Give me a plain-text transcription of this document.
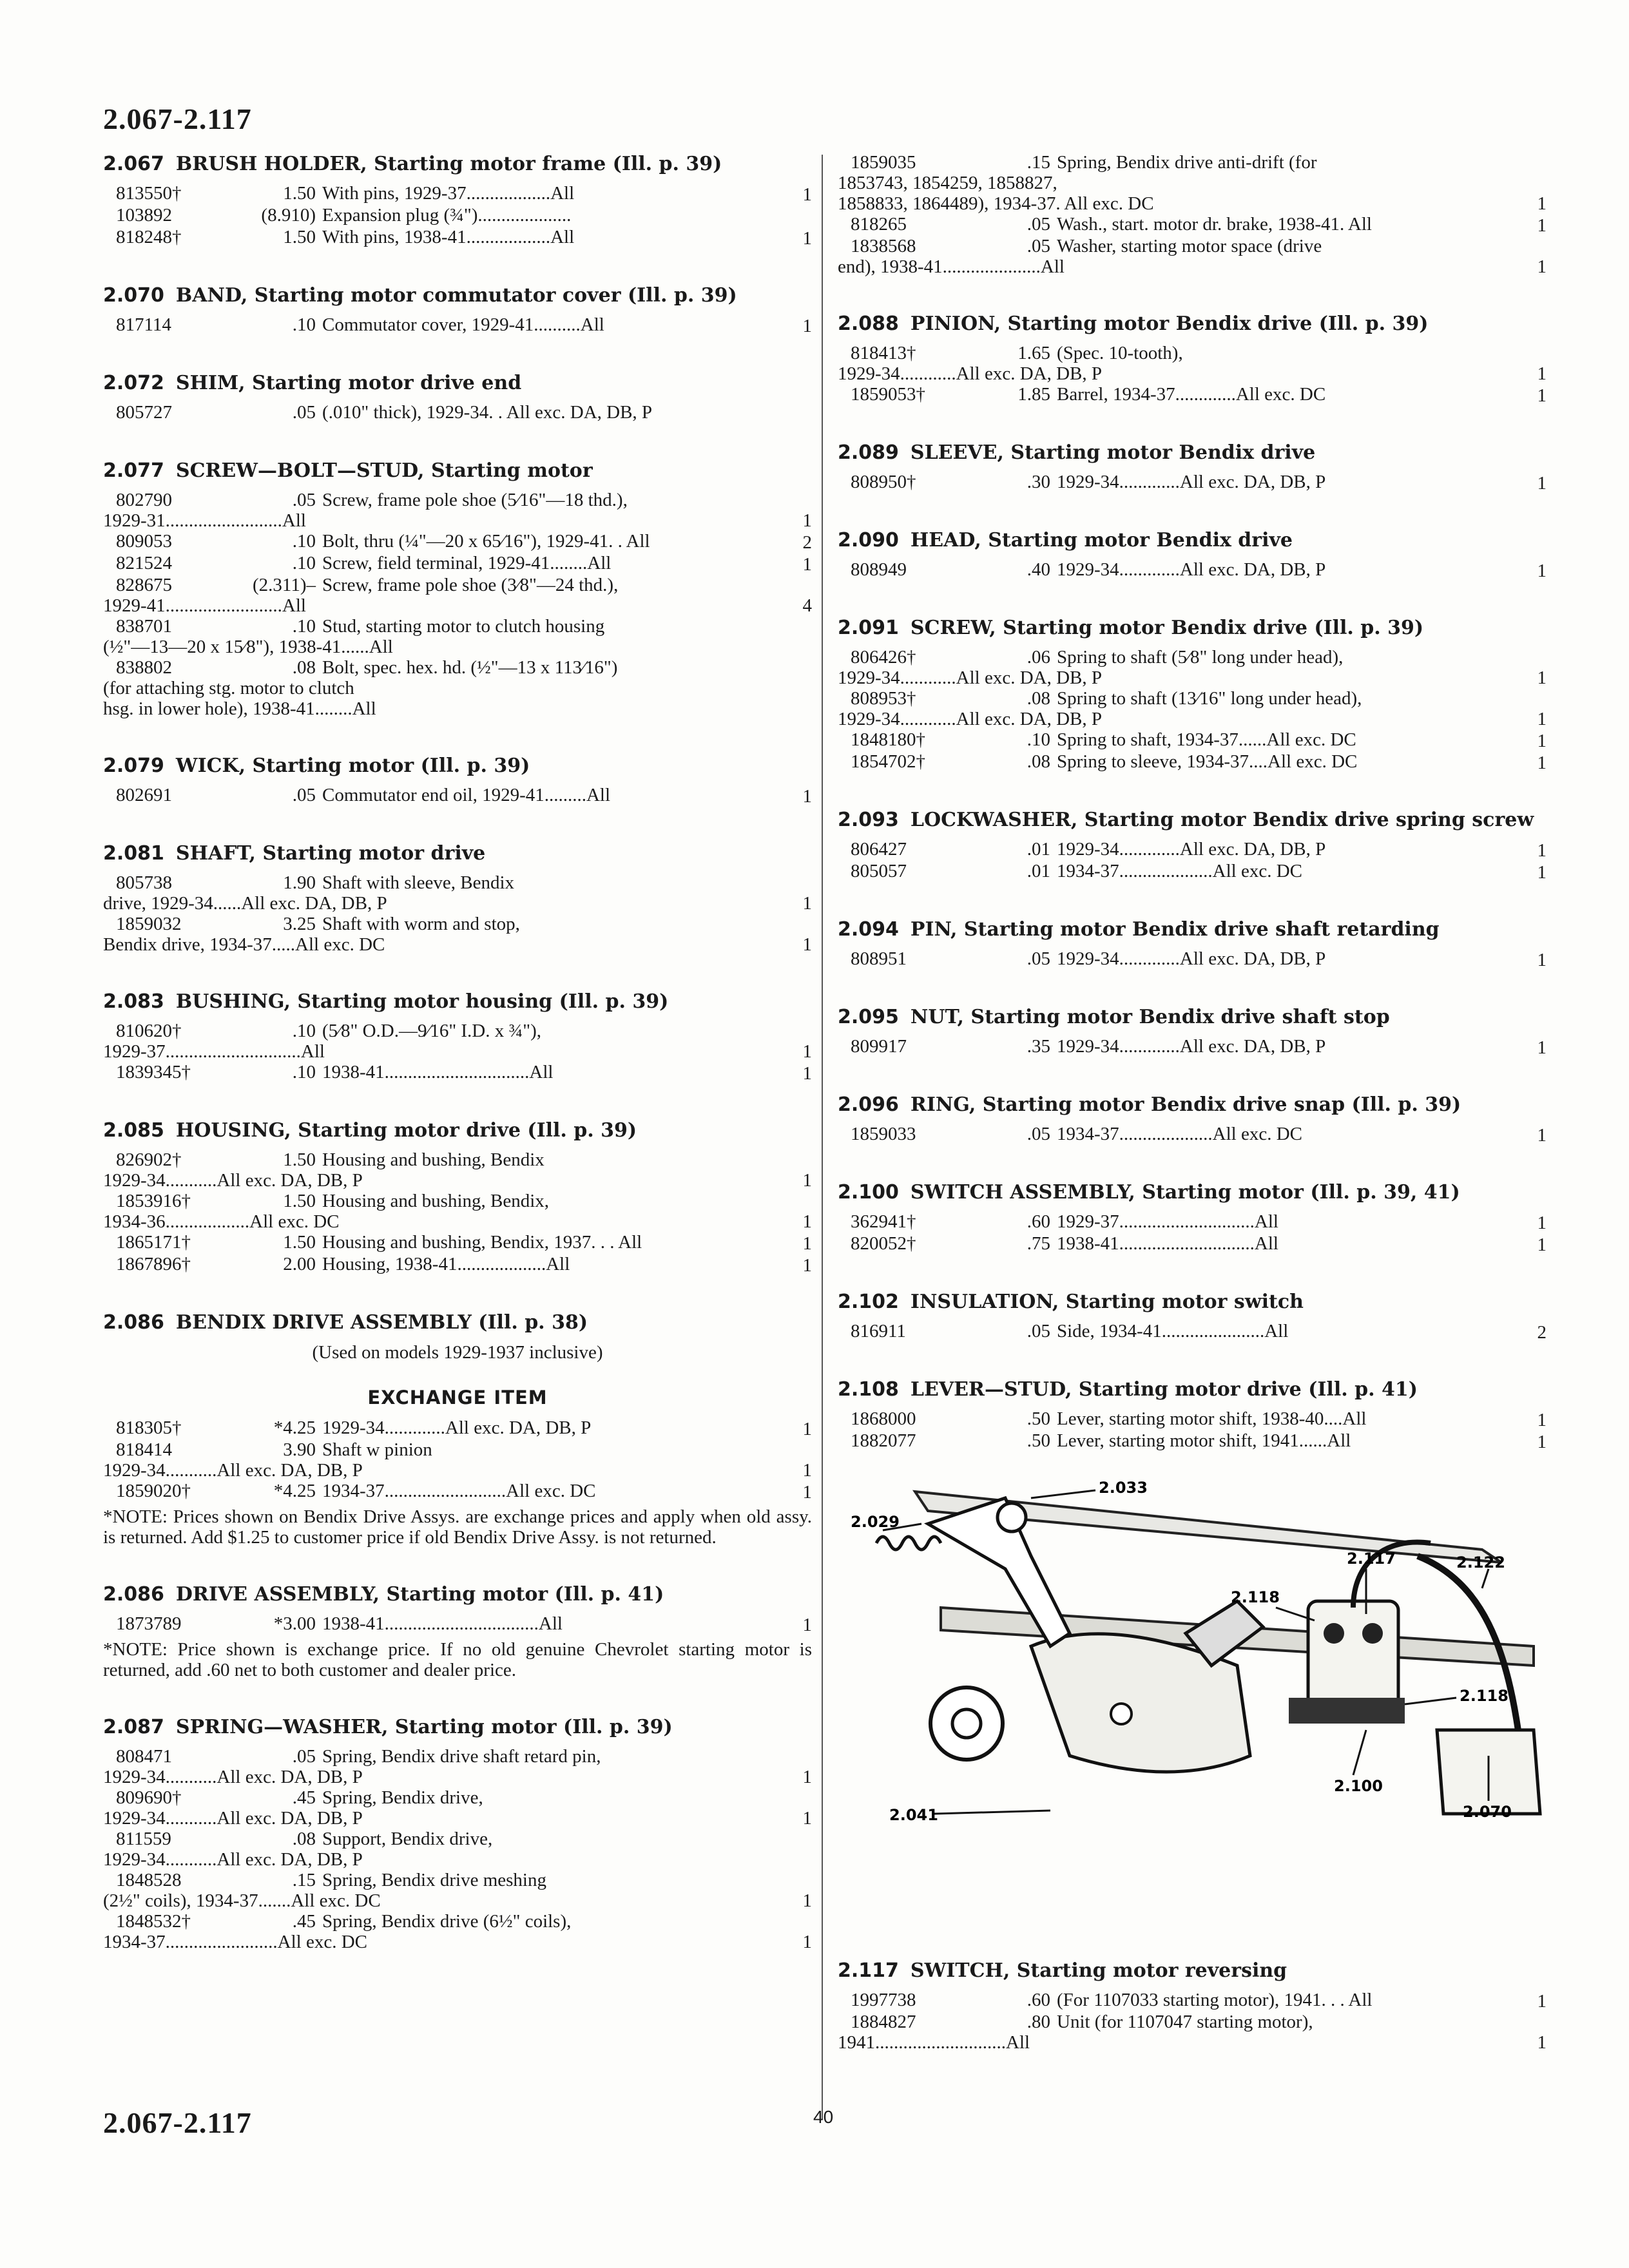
2.067-2.117
2.067 BRUSH HOLDER, Starting motor frame (Ill. p. 39)
813550†	1.50 With pins, 1929-37..................All	1
103892	(8.910) Expansion plug (¾")....................
818248†	1.50 With pins, 1938-41..................All	1
2.070 BAND, Starting motor commutator cover (Ill. p. 39)
817114	.10 Commutator cover, 1929-41..........All	1
2.072 SHIM, Starting motor drive end
805727	.05 (.010" thick), 1929-34. . All exc. DA, DB, P
2.077 SCREW—BOLT—STUD, Starting motor
802790	.05 Screw, frame pole shoe (5⁄16"—18 thd.),
1929-31.........................All	1
809053	.10 Bolt, thru (¼"—20 x 65⁄16"), 1929-41. . All	2
821524	.10 Screw, field terminal, 1929-41........All	1
828675	(2.311)– Screw, frame pole shoe (3⁄8"—24 thd.),
1929-41.........................All	4
838701	.10 Stud, starting motor to clutch housing
(½"—13—20 x 15⁄8"), 1938-41......All
838802	.08 Bolt, spec. hex. hd. (½"—13 x 113⁄16")
(for attaching stg. motor to clutch
hsg. in lower hole), 1938-41........All
2.079 WICK, Starting motor (Ill. p. 39)
802691	.05 Commutator end oil, 1929-41.........All	1
2.081 SHAFT, Starting motor drive
805738	1.90 Shaft with sleeve, Bendix
drive, 1929-34......All exc. DA, DB, P	1
1859032	3.25 Shaft with worm and stop,
Bendix drive, 1934-37.....All exc. DC	1
2.083 BUSHING, Starting motor housing (Ill. p. 39)
810620†	.10 (5⁄8" O.D.—9⁄16" I.D. x ¾"),
1929-37.............................All	1
1839345†	.10 1938-41...............................All	1
2.085 HOUSING, Starting motor drive (Ill. p. 39)
826902†	1.50 Housing and bushing, Bendix
1929-34...........All exc. DA, DB, P	1
1853916†	1.50 Housing and bushing, Bendix,
1934-36..................All exc. DC	1
1865171†	1.50 Housing and bushing, Bendix, 1937. . . All	1
1867896†	2.00 Housing, 1938-41...................All	1
2.086 BENDIX DRIVE ASSEMBLY (Ill. p. 38)
(Used on models 1929-1937 inclusive)
EXCHANGE ITEM
818305†	*4.25 1929-34.............All exc. DA, DB, P	1
818414	3.90 Shaft w pinion
1929-34...........All exc. DA, DB, P	1
1859020†	*4.25 1934-37..........................All exc. DC	1
*NOTE: Prices shown on Bendix Drive Assys. are exchange prices and apply when old assy. is returned. Add $1.25 to customer price if old Bendix Drive Assy. is not returned.
2.086 DRIVE ASSEMBLY, Starting motor (Ill. p. 41)
1873789	*3.00 1938-41.................................All	1
*NOTE: Price shown is exchange price. If no old genuine Chevrolet starting motor is returned, add .60 net to both customer and dealer price.
2.087 SPRING—WASHER, Starting motor (Ill. p. 39)
808471	.05 Spring, Bendix drive shaft retard pin,
1929-34...........All exc. DA, DB, P	1
809690†	.45 Spring, Bendix drive,
1929-34...........All exc. DA, DB, P	1
811559	.08 Support, Bendix drive,
1929-34...........All exc. DA, DB, P
1848528	.15 Spring, Bendix drive meshing
(2½" coils), 1934-37.......All exc. DC	1
1848532†	.45 Spring, Bendix drive (6½" coils),
1934-37........................All exc. DC	1
1859035	.15 Spring, Bendix drive anti-drift (for
1853743, 1854259, 1858827,
1858833, 1864489), 1934-37. All exc. DC	1
818265	.05 Wash., start. motor dr. brake, 1938-41. All	1
1838568	.05 Washer, starting motor space (drive
end), 1938-41.....................All	1
2.088 PINION, Starting motor Bendix drive (Ill. p. 39)
818413†	1.65 (Spec. 10-tooth),
1929-34............All exc. DA, DB, P	1
1859053†	1.85 Barrel, 1934-37.............All exc. DC	1
2.089 SLEEVE, Starting motor Bendix drive
808950†	.30 1929-34.............All exc. DA, DB, P	1
2.090 HEAD, Starting motor Bendix drive
808949	.40 1929-34.............All exc. DA, DB, P	1
2.091 SCREW, Starting motor Bendix drive (Ill. p. 39)
806426†	.06 Spring to shaft (5⁄8" long under head),
1929-34............All exc. DA, DB, P	1
808953†	.08 Spring to shaft (13⁄16" long under head),
1929-34............All exc. DA, DB, P	1
1848180†	.10 Spring to shaft, 1934-37......All exc. DC	1
1854702†	.08 Spring to sleeve, 1934-37....All exc. DC	1
2.093 LOCKWASHER, Starting motor Bendix drive spring screw
806427	.01 1929-34.............All exc. DA, DB, P	1
805057	.01 1934-37....................All exc. DC	1
2.094 PIN, Starting motor Bendix drive shaft retarding
808951	.05 1929-34.............All exc. DA, DB, P	1
2.095 NUT, Starting motor Bendix drive shaft stop
809917	.35 1929-34.............All exc. DA, DB, P	1
2.096 RING, Starting motor Bendix drive snap (Ill. p. 39)
1859033	.05 1934-37....................All exc. DC	1
2.100 SWITCH ASSEMBLY, Starting motor (Ill. p. 39, 41)
362941†	.60 1929-37.............................All	1
820052†	.75 1938-41.............................All	1
2.102 INSULATION, Starting motor switch
816911	.05 Side, 1934-41......................All	2
2.108 LEVER—STUD, Starting motor drive (Ill. p. 41)
1868000	.50 Lever, starting motor shift, 1938-40....All	1
1882077	.50 Lever, starting motor shift, 1941......All	1
2.117 SWITCH, Starting motor reversing
1997738	.60 (For 1107033 starting motor), 1941. . . All	1
1884827	.80 Unit (for 1107047 starting motor),
1941............................All	1
2.029
2.033
2.117	2.122
2.118
2.118
2.100
2.041	2.070
40
2.067-2.117
